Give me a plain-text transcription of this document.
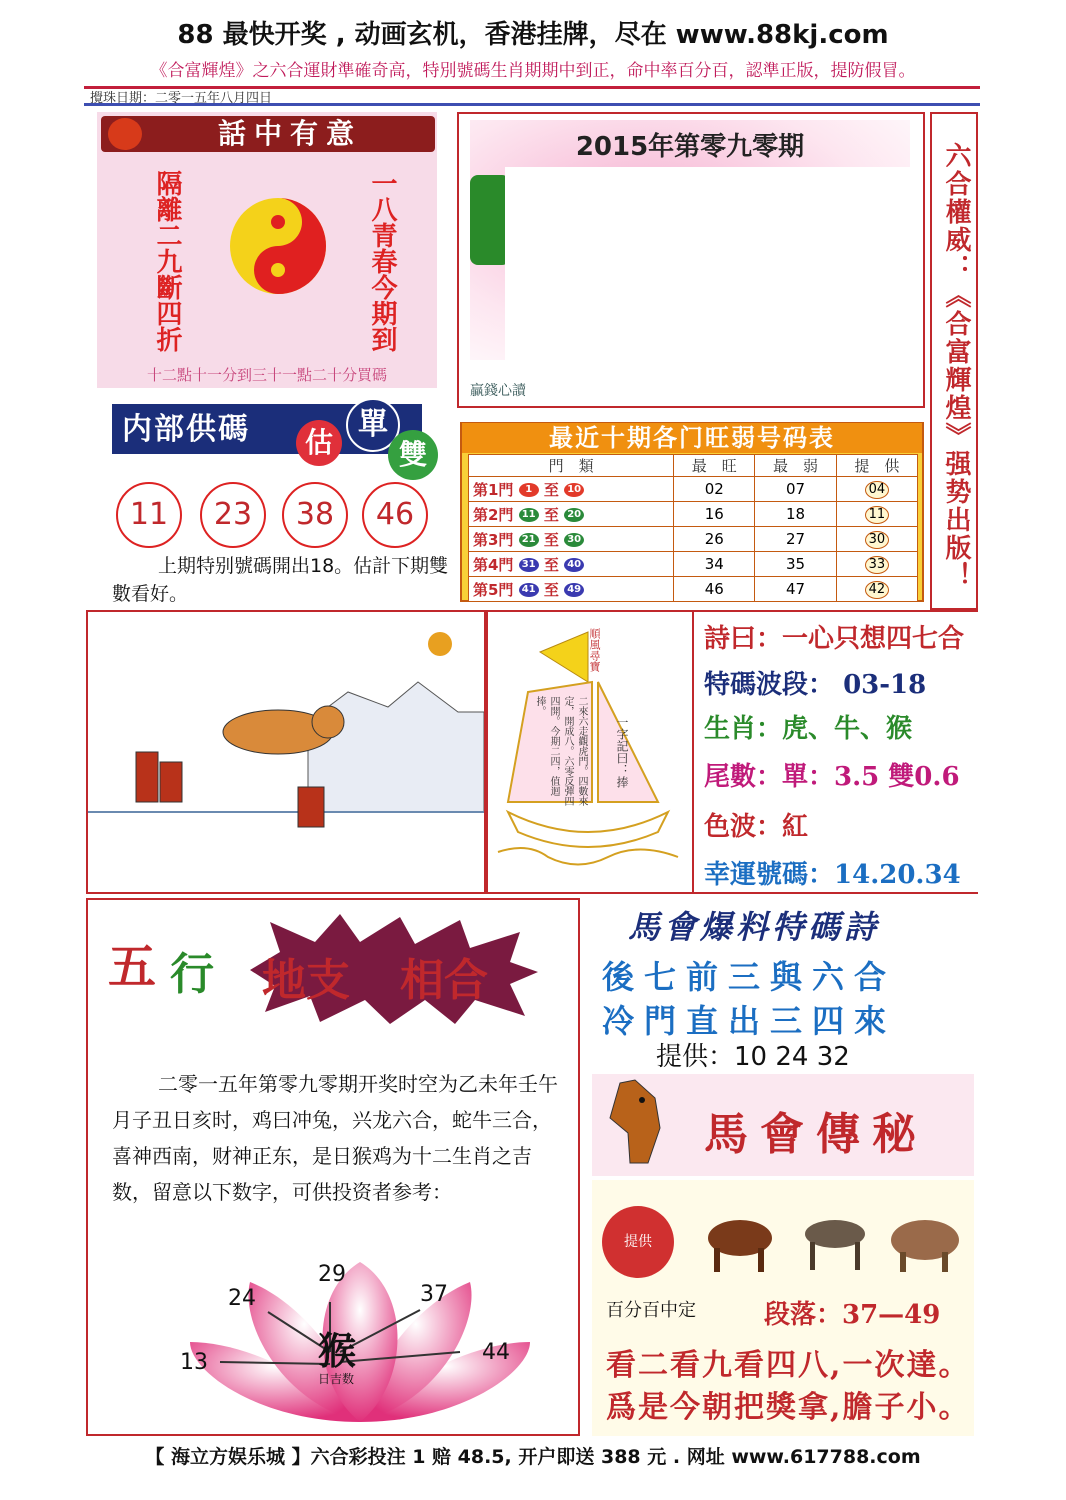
88 最快开奖 , 动画玄机，香港挂牌，尽在 www.88kj.com
《合富輝煌》之六合運財準確奇高，特別號碼生肖期期中到正，命中率百分百，認準正版，提防假冒。
攪珠日期：二零一五年八月四日
話中有意
隔離二九斷四折	一八青春今期到
十二點十一分到三十一點二十分買碼
2015年第零九零期
贏錢心讀	六合權威：《合富輝煌》强势出版！
内部供碼	估
單
雙
11	23	38	46
上期特别號碼開出18。估計下期雙數看好。
最近十期各门旺弱号码表
門　類	最　旺	最　弱	提　供
第1門 1 至 10	02	07	04
第2門 11 至 20	16	18	11
第3門 21 至 30	26	27	30
第4門 31 至 40	34	35	33
第5門 41 至 49	46	47	42
順風尋寶
二來六走觀虎門。四數來定，開成八。六零反彈四四開。今期二四，值迴捧。
一字記曰：捧
詩曰：一心只想四七合
特碼波段： 03-18
生肖：虎、牛、猴
尾數：單：3.5 雙0.6
色波：紅
幸運號碼：14.20.34
五 行 地支 相合
二零一五年第零九零期开奖时空为乙未年壬午月子丑日亥时，鸡曰冲兔，兴龙六合，蛇牛三合，喜神西南，财神正东，是日猴鸡为十二生肖之吉数，留意以下数字，可供投资者参考：
29
24	37
13	44
猴
日吉数
馬會爆料特碼詩
後七前三與六合
冷門直出三四來
提供：10 24 32
馬會傳秘
提供
百分百中定	段落：37—49
看二看九看四八,一次達。
爲是今朝把獎拿,膽子小。
【 海立方娱乐城 】六合彩投注 1 赔 48.5, 开户即送 388 元 . 网址 www.617788.com
